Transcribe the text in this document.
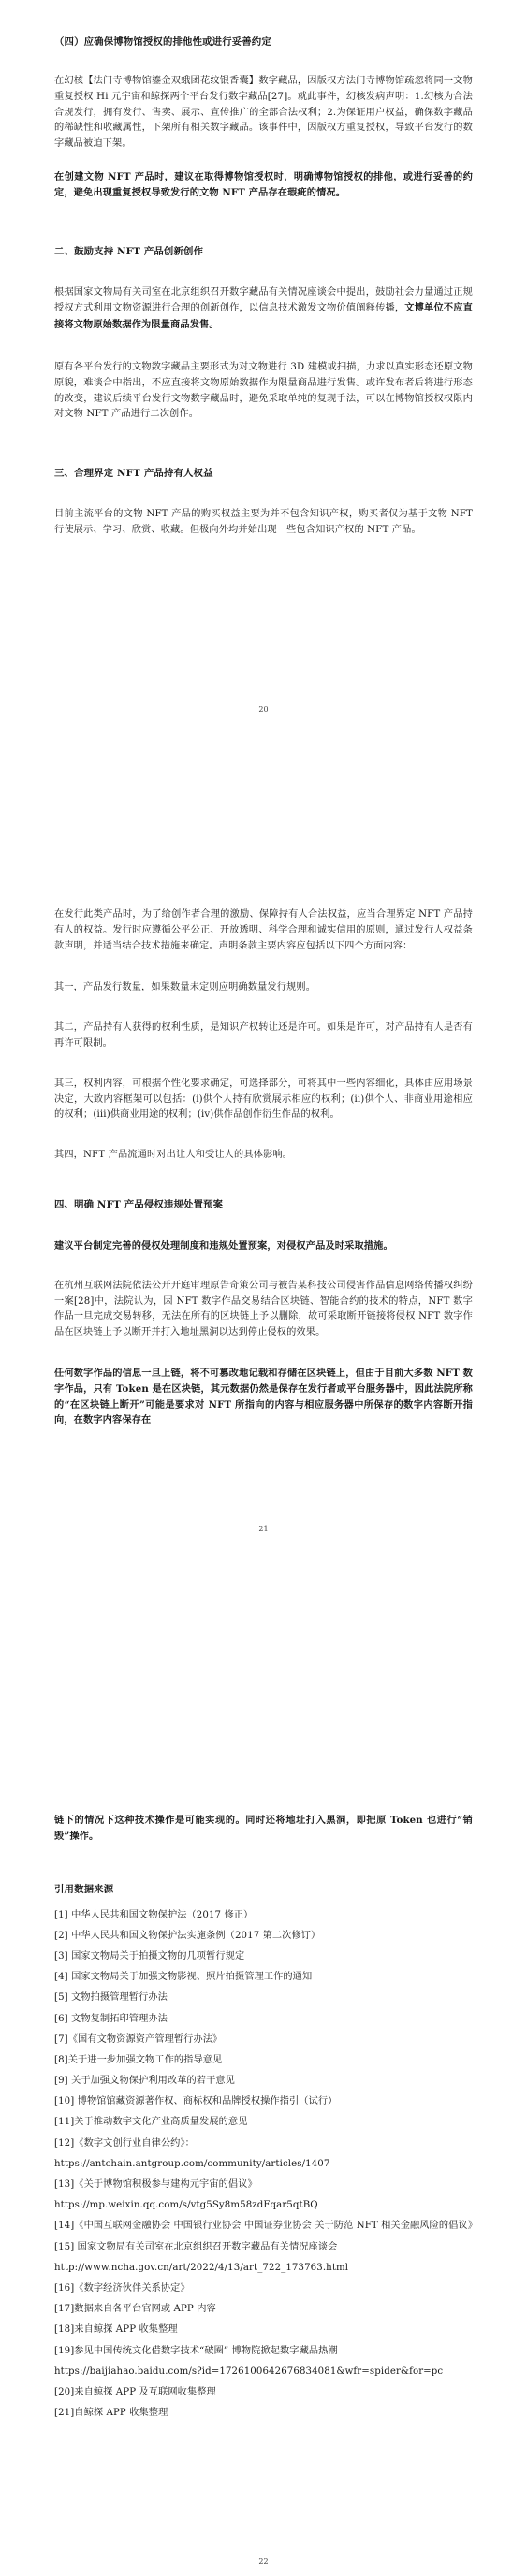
（四）应确保博物馆授权的排他性或进行妥善约定

在幻核【法门寺博物馆鎏金双蛾团花纹银香囊】数字藏品，因版权方法门寺博物馆疏忽将同一文物重复授权 Hi 元宇宙和鲸探两个平台发行数字藏品[27]。就此事件，幻核发病声明：1.幻核为合法合规发行，拥有发行、售卖、展示、宣传推广的全部合法权利；2.为保证用户权益，确保数字藏品的稀缺性和收藏属性，下架所有相关数字藏品。该事件中，因版权方重复授权，导致平台发行的数字藏品被迫下架。

在创建文物 NFT 产品时，建议在取得博物馆授权时，明确博物馆授权的排他，或进行妥善的约定，避免出现重复授权导致发行的文物 NFT 产品存在瑕疵的情况。

二、鼓励支持 NFT 产品创新创作

根据国家文物局有关司室在北京组织召开数字藏品有关情况座谈会中提出，鼓励社会力量通过正规授权方式利用文物资源进行合理的创新创作，以信息技术激发文物价值阐释传播，文博单位不应直接将文物原始数据作为限量商品发售。

原有各平台发行的文物数字藏品主要形式为对文物进行 3D 建模或扫描，力求以真实形态还原文物原貌，难谈合中指出，不应直接将文物原始数据作为限量商品进行发售。或许发布者后将进行形态的改变，建议后续平台发行文物数字藏品时，避免采取单纯的复现手法，可以在博物馆授权权限内对文物 NFT 产品进行二次创作。

三、合理界定 NFT 产品持有人权益

目前主流平台的文物 NFT 产品的购买权益主要为并不包含知识产权，购买者仅为基于文物 NFT 行使展示、学习、欣赏、收藏。但极向外均并始出现一些包含知识产权的 NFT 产品。

20

在发行此类产品时，为了给创作者合理的激励、保障持有人合法权益，应当合理界定 NFT 产品持有人的权益。发行时应遵循公平公正、开放透明、科学合理和诚实信用的原则，通过发行人权益条款声明，并适当结合技术措施来确定。声明条款主要内容应包括以下四个方面内容：

其一，产品发行数量，如果数量未定则应明确数量发行规则。

其二，产品持有人获得的权利性质，是知识产权转让还是许可。如果是许可，对产品持有人是否有再许可限制。

其三，权利内容，可根据个性化要求确定，可选择部分，可将其中一些内容细化，具体由应用场景决定，大致内容框架可以包括：(i)供个人持有欣赏展示相应的权利；(ii)供个人、非商业用途相应的权利；(iii)供商业用途的权利；(iv)供作品创作衍生作品的权利。

其四，NFT 产品流通时对出让人和受让人的具体影响。

四、明确 NFT 产品侵权违规处置预案

建议平台制定完善的侵权处理制度和违规处置预案，对侵权产品及时采取措施。

在杭州互联网法院依法公开开庭审理原告奇策公司与被告某科技公司侵害作品信息网络传播权纠纷一案[28]中，法院认为，因 NFT 数字作品交易结合区块链、智能合约的技术的特点，NFT 数字作品一旦完成交易转移，无法在所有的区块链上予以删除，故可采取断开链接将侵权 NFT 数字作品在区块链上予以断开并打入地址黑洞以达到停止侵权的效果。

任何数字作品的信息一旦上链，将不可篡改地记载和存储在区块链上，但由于目前大多数 NFT 数字作品，只有 Token 是在区块链，其元数据仍然是保存在发行者或平台服务器中，因此法院所称的“在区块链上断开”可能是要求对 NFT 所指向的内容与相应服务器中所保存的数字内容断开指向，在数字内容保存在

21

链下的情况下这种技术操作是可能实现的。同时还将地址打入黑洞，即把原 Token 也进行“销毁”操作。

引用数据来源

[1] 中华人民共和国文物保护法（2017 修正）

[2] 中华人民共和国文物保护法实施条例（2017 第二次修订）

[3] 国家文物局关于拍摄文物的几项暂行规定

[4] 国家文物局关于加强文物影视、照片拍摄管理工作的通知

[5] 文物拍摄管理暂行办法

[6] 文物复制拓印管理办法

[7]《国有文物资源资产管理暂行办法》

[8]关于进一步加强文物工作的指导意见

[9] 关于加强文物保护利用改革的若干意见

[10] 博物馆馆藏资源著作权、商标权和品牌授权操作指引（试行）

[11]关于推动数字文化产业高质量发展的意见

[12]《数字文创行业自律公约》：

https://antchain.antgroup.com/community/articles/1407

[13]《关于博物馆积极参与建构元宇宙的倡议》

https://mp.weixin.qq.com/s/vtg5Sy8m58zdFqar5qtBQ

[14]《中国互联网金融协会 中国银行业协会 中国证券业协会 关于防范 NFT 相关金融风险的倡议》

[15] 国家文物局有关司室在北京组织召开数字藏品有关情况座谈会

http://www.ncha.gov.cn/art/2022/4/13/art_722_173763.html

[16]《数字经济伙伴关系协定》

[17]数据来自各平台官网或 APP 内容

[18]来自鲸探 APP 收集整理

[19]参见中国传统文化借数字技术“破圈” 博物院掀起数字藏品热潮

https://baijiahao.baidu.com/s?id=1726100642676834081&wfr=spider&for=pc

[20]来自鲸探 APP 及互联网收集整理

[21]自鲸探 APP 收集整理

22
